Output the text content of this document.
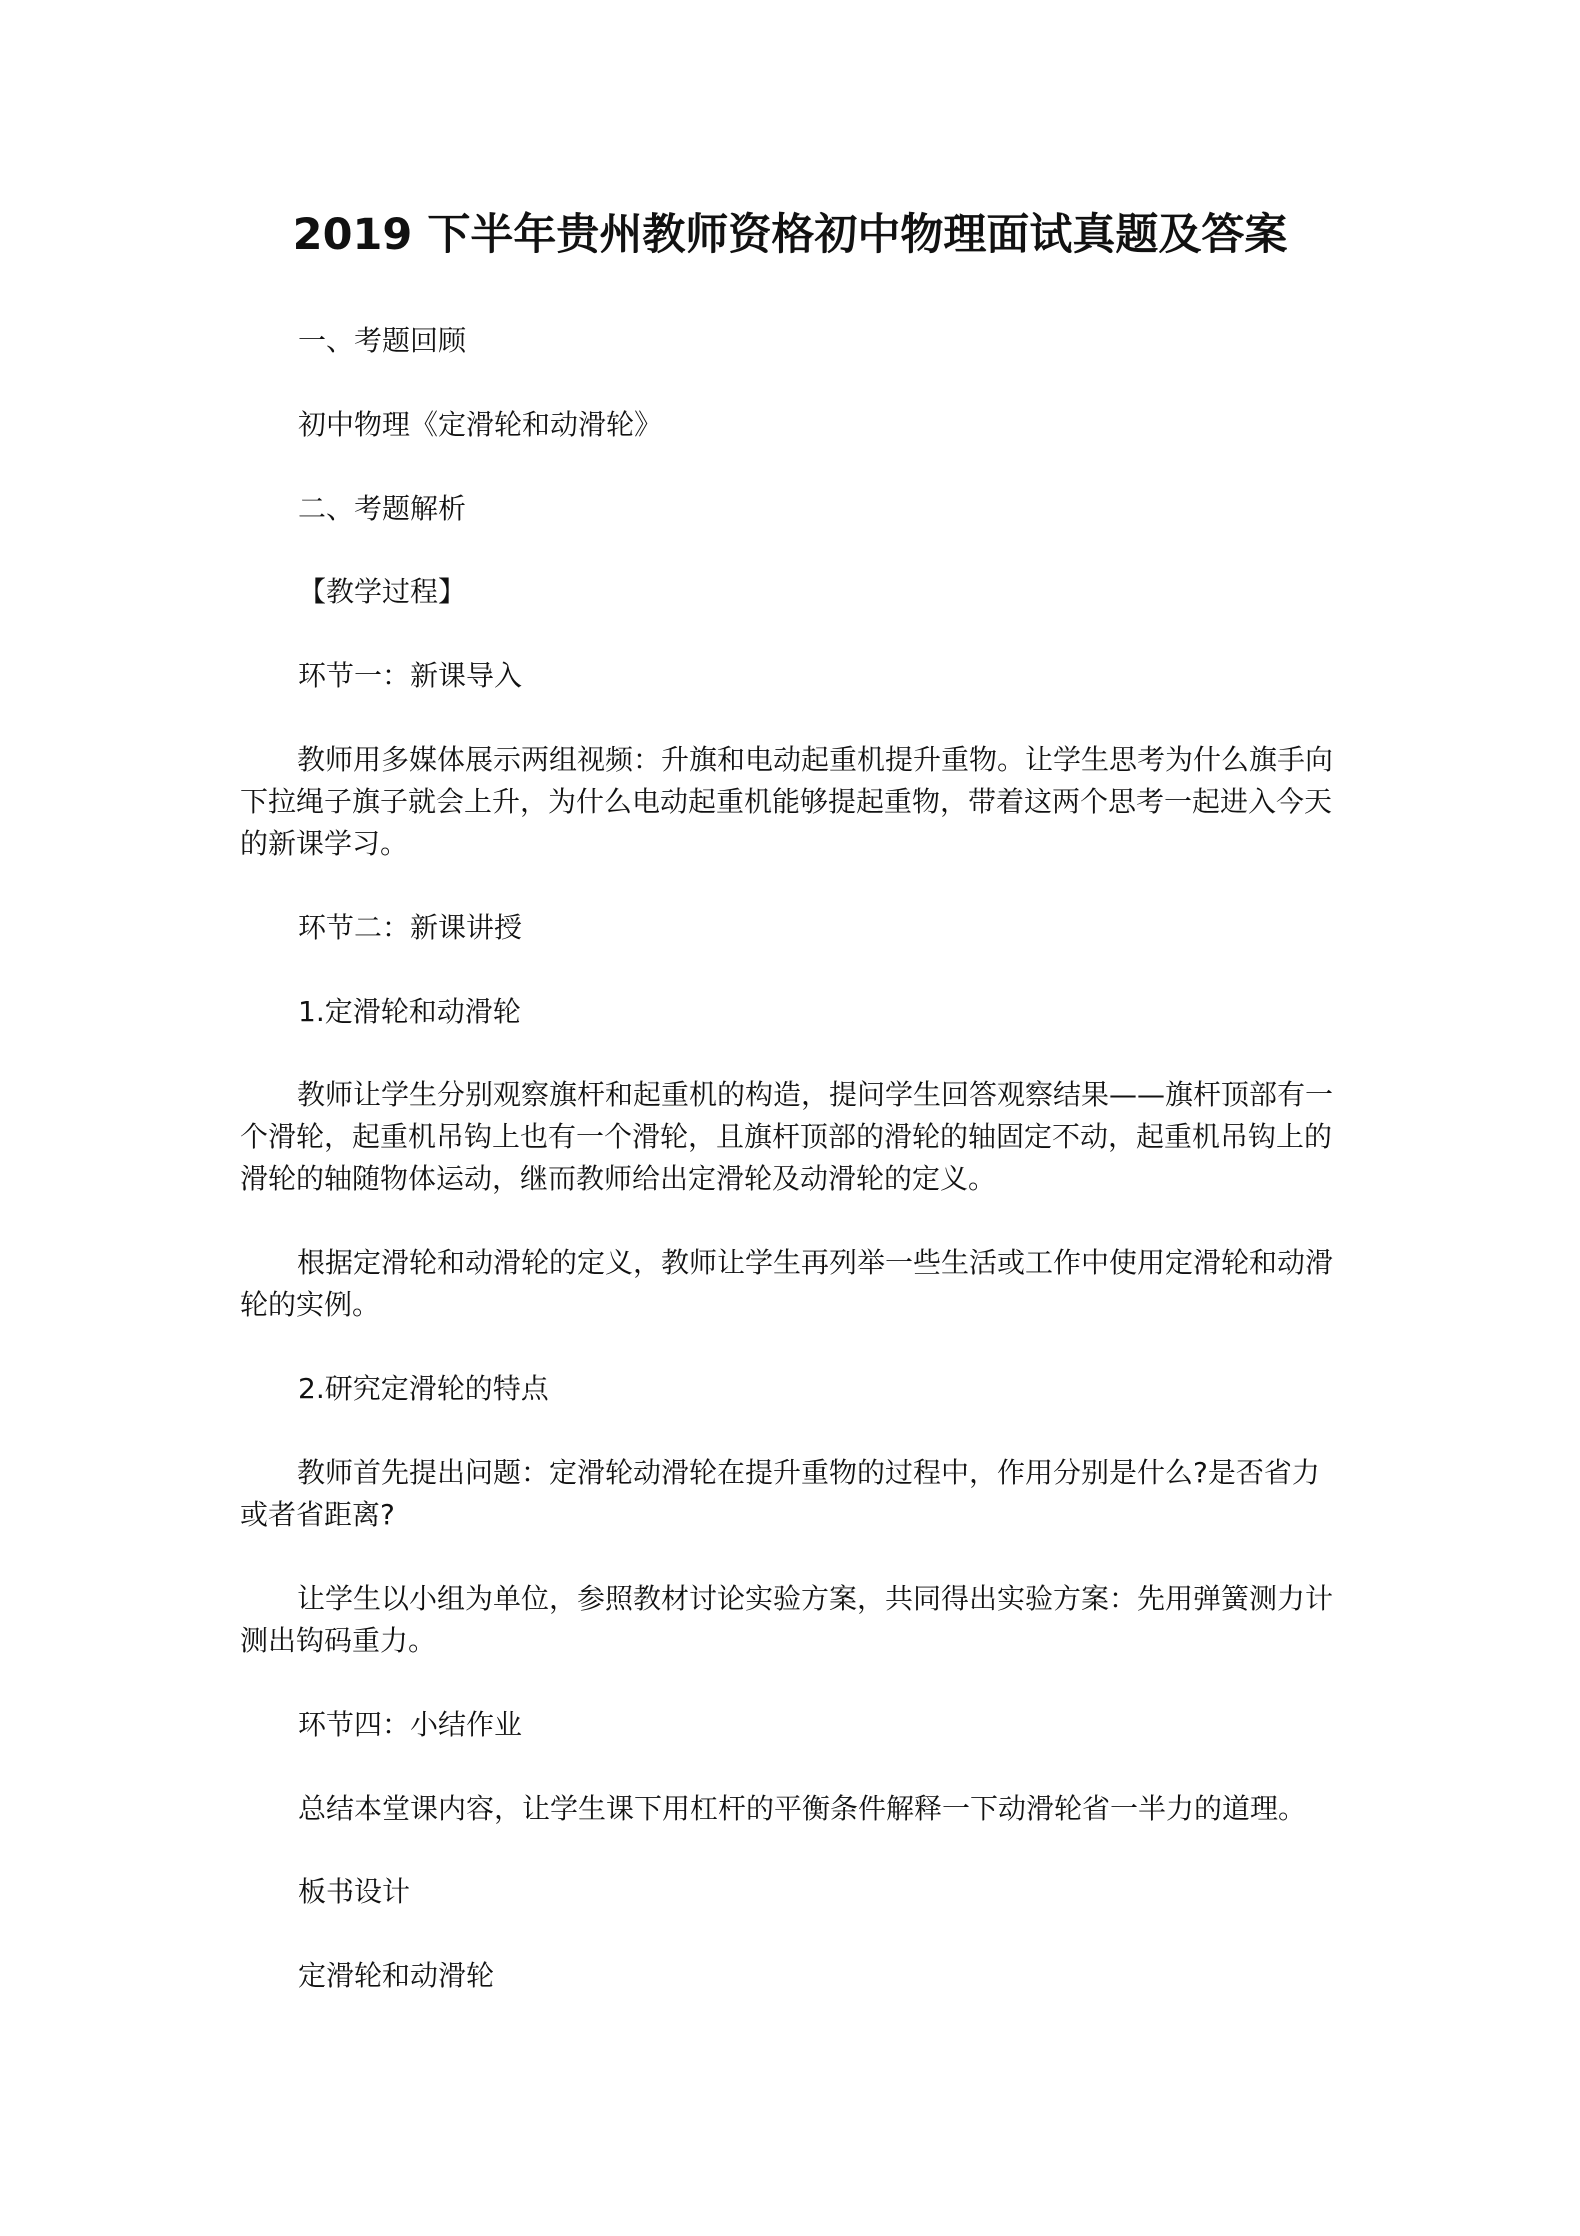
2019 下半年贵州教师资格初中物理面试真题及答案

一、考题回顾

初中物理《定滑轮和动滑轮》

二、考题解析

【教学过程】

环节一：新课导入

教师用多媒体展示两组视频：升旗和电动起重机提升重物。让学生思考为什么旗手向下拉绳子旗子就会上升，为什么电动起重机能够提起重物，带着这两个思考一起进入今天的新课学习。

环节二：新课讲授

1.定滑轮和动滑轮

教师让学生分别观察旗杆和起重机的构造，提问学生回答观察结果——旗杆顶部有一个滑轮，起重机吊钩上也有一个滑轮，且旗杆顶部的滑轮的轴固定不动，起重机吊钩上的滑轮的轴随物体运动，继而教师给出定滑轮及动滑轮的定义。

根据定滑轮和动滑轮的定义，教师让学生再列举一些生活或工作中使用定滑轮和动滑轮的实例。

2.研究定滑轮的特点

教师首先提出问题：定滑轮动滑轮在提升重物的过程中，作用分别是什么?是否省力或者省距离?

让学生以小组为单位，参照教材讨论实验方案，共同得出实验方案：先用弹簧测力计测出钩码重力。

环节四：小结作业

总结本堂课内容，让学生课下用杠杆的平衡条件解释一下动滑轮省一半力的道理。

板书设计

定滑轮和动滑轮
